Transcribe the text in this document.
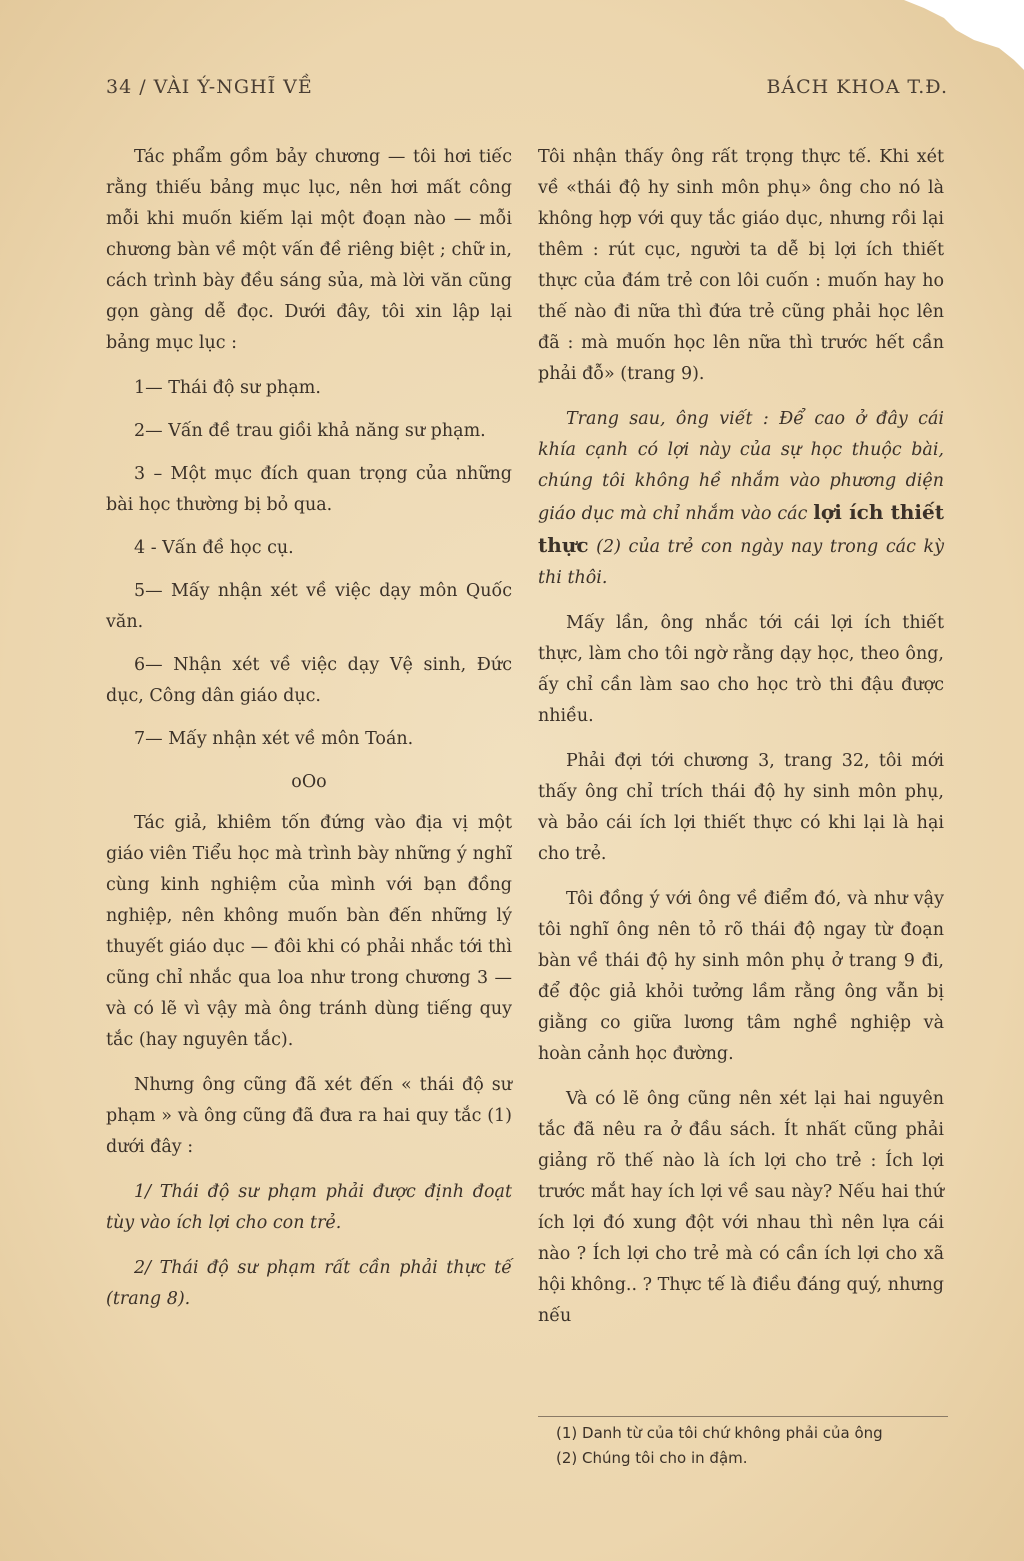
34 / VÀI Ý-NGHĨ VỀ	BÁCH KHOA T.Đ.

Tác phẩm gồm bảy chương — tôi hơi tiếc rằng thiếu bảng mục lục, nên hơi mất công mỗi khi muốn kiếm lại một đoạn nào — mỗi chương bàn về một vấn đề riêng biệt ; chữ in, cách trình bày đều sáng sủa, mà lời văn cũng gọn gàng dễ đọc. Dưới đây, tôi xin lập lại bảng mục lục :

1— Thái độ sư phạm.

2— Vấn đề trau giồi khả năng sư phạm.

3 – Một mục đích quan trọng của những bài học thường bị bỏ qua.

4 - Vấn đề học cụ.

5— Mấy nhận xét về việc dạy môn Quốc văn.

6— Nhận xét về việc dạy Vệ sinh, Đức dục, Công dân giáo dục.

7— Mấy nhận xét về môn Toán.

oOo

Tác giả, khiêm tốn đứng vào địa vị một giáo viên Tiểu học mà trình bày những ý nghĩ cùng kinh nghiệm của mình với bạn đồng nghiệp, nên không muốn bàn đến những lý thuyết giáo dục — đôi khi có phải nhắc tới thì cũng chỉ nhắc qua loa như trong chương 3 — và có lẽ vì vậy mà ông tránh dùng tiếng quy tắc (hay nguyên tắc).

Nhưng ông cũng đã xét đến « thái độ sư phạm » và ông cũng đã đưa ra hai quy tắc (1) dưới đây :

1/ Thái độ sư phạm phải được định đoạt tùy vào ích lợi cho con trẻ.

2/ Thái độ sư phạm rất cần phải thực tế (trang 8).

Tôi nhận thấy ông rất trọng thực tế. Khi xét về «thái độ hy sinh môn phụ» ông cho nó là không hợp với quy tắc giáo dục, nhưng rồi lại thêm : rút cục, người ta dễ bị lợi ích thiết thực của đám trẻ con lôi cuốn : muốn hay ho thế nào đi nữa thì đứa trẻ cũng phải học lên đã : mà muốn học lên nữa thì trước hết cần phải đỗ» (trang 9).

Trang sau, ông viết : Để cao ở đây cái khía cạnh có lợi này của sự học thuộc bài, chúng tôi không hề nhắm vào phương diện giáo dục mà chỉ nhắm vào các lợi ích thiết thực (2) của trẻ con ngày nay trong các kỳ thi thôi.

Mấy lần, ông nhắc tới cái lợi ích thiết thực, làm cho tôi ngờ rằng dạy học, theo ông, ấy chỉ cần làm sao cho học trò thi đậu được nhiều.

Phải đợi tới chương 3, trang 32, tôi mới thấy ông chỉ trích thái độ hy sinh môn phụ, và bảo cái ích lợi thiết thực có khi lại là hại cho trẻ.

Tôi đồng ý với ông về điểm đó, và như vậy tôi nghĩ ông nên tỏ rõ thái độ ngay từ đoạn bàn về thái độ hy sinh môn phụ ở trang 9 đi, để độc giả khỏi tưởng lầm rằng ông vẫn bị giằng co giữa lương tâm nghề nghiệp và hoàn cảnh học đường.

Và có lẽ ông cũng nên xét lại hai nguyên tắc đã nêu ra ở đầu sách. Ít nhất cũng phải giảng rõ thế nào là ích lợi cho trẻ : Ích lợi trước mắt hay ích lợi về sau này? Nếu hai thứ ích lợi đó xung đột với nhau thì nên lựa cái nào ? Ích lợi cho trẻ mà có cần ích lợi cho xã hội không.. ? Thực tế là điều đáng quý, nhưng nếu

(1) Danh từ của tôi chứ không phải của ông
(2) Chúng tôi cho in đậm.
